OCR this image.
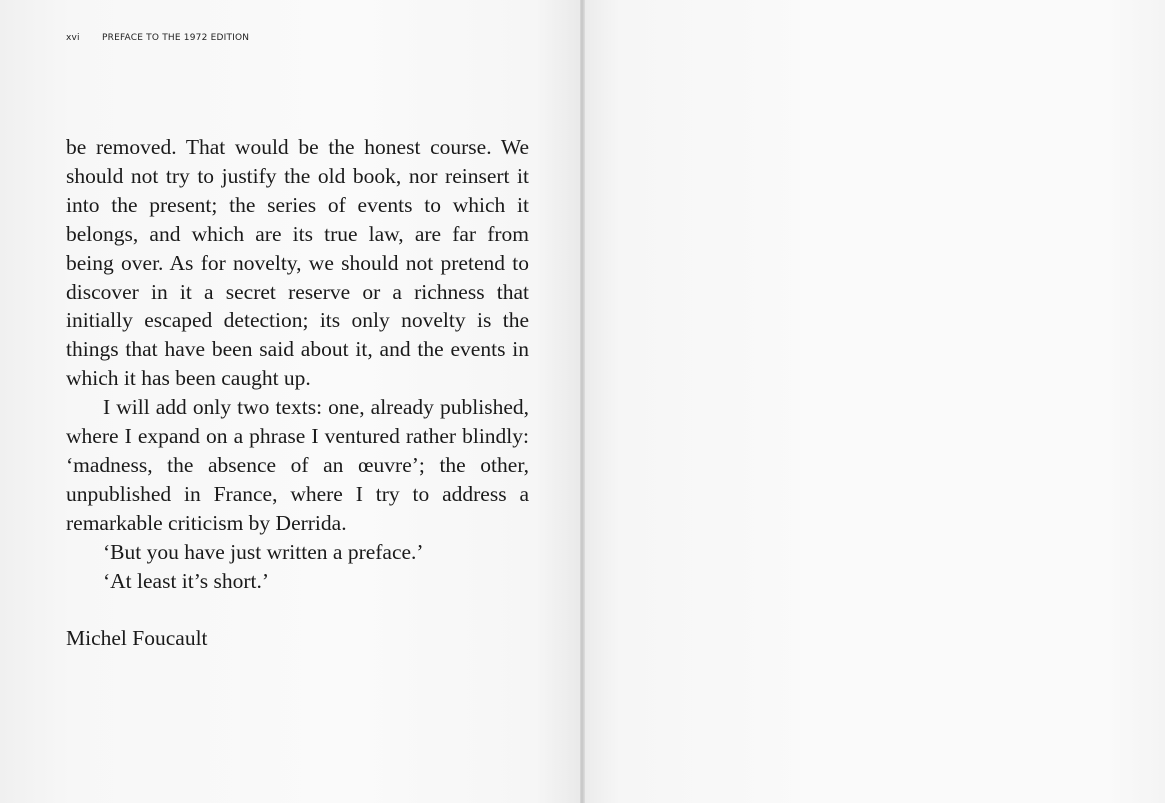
xvi PREFACE TO THE 1972 EDITION

be removed. That would be the honest course. We should not try to justify the old book, nor reinsert it into the present; the series of events to which it belongs, and which are its true law, are far from being over. As for novelty, we should not pretend to discover in it a secret reserve or a richness that initially escaped detection; its only novelty is the things that have been said about it, and the events in which it has been caught up.

I will add only two texts: one, already published, where I expand on a phrase I ventured rather blindly: ‘madness, the absence of an œuvre’; the other, unpublished in France, where I try to address a remarkable criticism by Derrida.

‘But you have just written a preface.’

‘At least it’s short.’

Michel Foucault
